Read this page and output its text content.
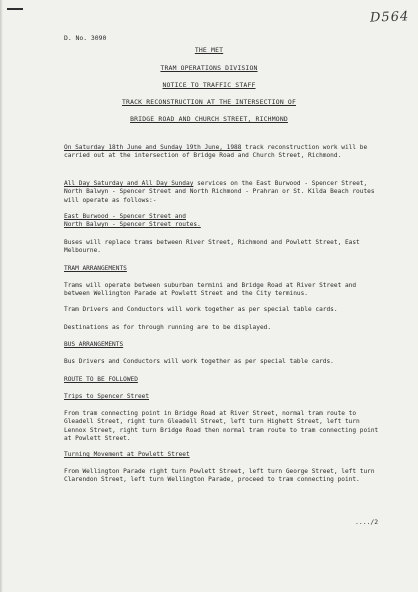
D564
D. No. 3090
THE MET
TRAM OPERATIONS DIVISION
NOTICE TO TRAFFIC STAFF
TRACK RECONSTRUCTION AT THE INTERSECTION OF
BRIDGE ROAD AND CHURCH STREET, RICHMOND

On Saturday 18th June and Sunday 19th June, 1988 track reconstruction work will be carried out at the intersection of Bridge Road and Church Street, Richmond.

All Day Saturday and All Day Sunday services on the East Burwood - Spencer Street, North Balwyn - Spencer Street and North Richmond - Prahran or St. Kilda Beach routes will operate as follows:-

East Burwood - Spencer Street and

North Balwyn - Spencer Street routes.

Buses will replace trams between River Street, Richmond and Powlett Street, East Melbourne.

TRAM ARRANGEMENTS

Trams will operate between suburban termini and Bridge Road at River Street and between Wellington Parade at Powlett Street and the City terminus.

Tram Drivers and Conductors will work together as per special table cards.

Destinations as for through running are to be displayed.

BUS ARRANGEMENTS

Bus Drivers and Conductors will work together as per special table cards.

ROUTE TO BE FOLLOWED
Trips to Spencer Street

From tram connecting point in Bridge Road at River Street, normal tram route to Gleadell Street, right turn Gleadell Street, left turn Highett Street, left turn Lennox Street, right turn Bridge Road then normal tram route to tram connecting point at Powlett Street.

Turning Movement at Powlett Street

From Wellington Parade right turn Powlett Street, left turn George Street, left turn Clarendon Street, left turn Wellington Parade, proceed to tram connecting point.

..../2
